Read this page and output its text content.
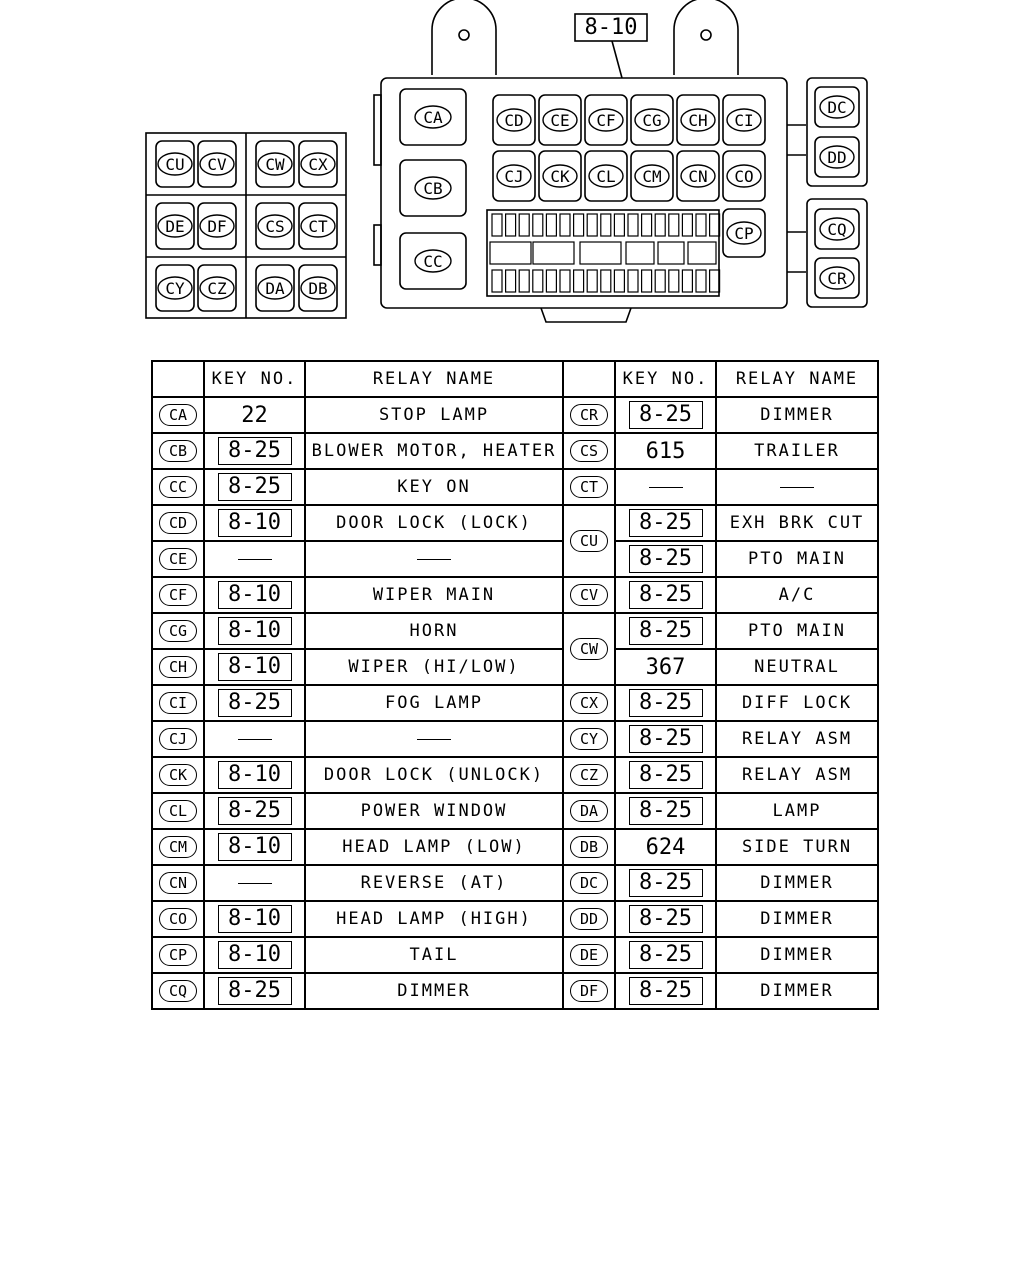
8-10
CU CV CW CX
DE DF CS CT
CY CZ DA DB
CA
CB
CC
CD CE CF CG CH CI
CJ CK CL CM CN CO
CP
DC
DD
CQ
CR
	KEY NO.	RELAY NAME		KEY NO.	RELAY NAME
CA	22	STOP LAMP	CR	8-25	DIMMER
CB	8-25	BLOWER MOTOR, HEATER	CS	615	TRAILER
CC	8-25	KEY ON	CT		
CD	8-10	DOOR LOCK (LOCK)	CU	8-25	EXH BRK CUT
CE				8-25	PTO MAIN
CF	8-10	WIPER MAIN	CV	8-25	A/C
CG	8-10	HORN	CW	8-25	PTO MAIN
CH	8-10	WIPER (HI/LOW)		367	NEUTRAL
CI	8-25	FOG LAMP	CX	8-25	DIFF LOCK
CJ			CY	8-25	RELAY ASM
CK	8-10	DOOR LOCK (UNLOCK)	CZ	8-25	RELAY ASM
CL	8-25	POWER WINDOW	DA	8-25	LAMP
CM	8-10	HEAD LAMP (LOW)	DB	624	SIDE TURN
CN		REVERSE (AT)	DC	8-25	DIMMER
CO	8-10	HEAD LAMP (HIGH)	DD	8-25	DIMMER
CP	8-10	TAIL	DE	8-25	DIMMER
CQ	8-25	DIMMER	DF	8-25	DIMMER
